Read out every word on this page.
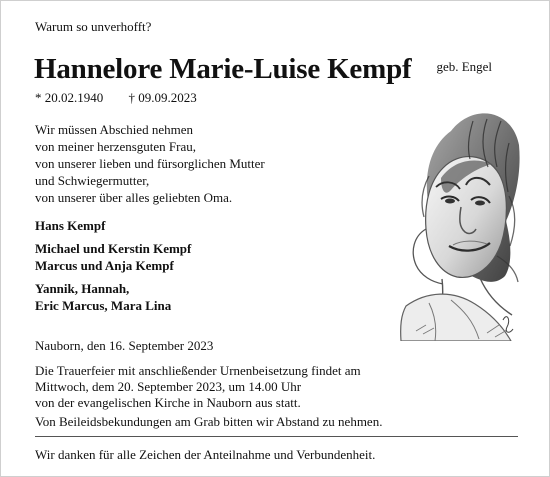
Warum so unverhofft?
Hannelore Marie-Luise Kempf $^{geb. Engel}$
* 20.02.1940 † 09.09.2023
Wir müssen Abschied nehmen
von meiner herzensguten Frau,
von unserer lieben und fürsorglichen Mutter
und Schwiegermutter,
von unserer über alles geliebten Oma.
Hans Kempf
Michael und Kerstin Kempf
Marcus und Anja Kempf
Yannik, Hannah,
Eric Marcus, Mara Lina
Nauborn, den 16. September 2023
Die Trauerfeier mit anschließender Urnenbeisetzung findet am
Mittwoch, dem 20. September 2023, um 14.00 Uhr
von der evangelischen Kirche in Nauborn aus statt.
Von Beileidsbekundungen am Grab bitten wir Abstand zu nehmen.
Wir danken für alle Zeichen der Anteilnahme und Verbundenheit.
